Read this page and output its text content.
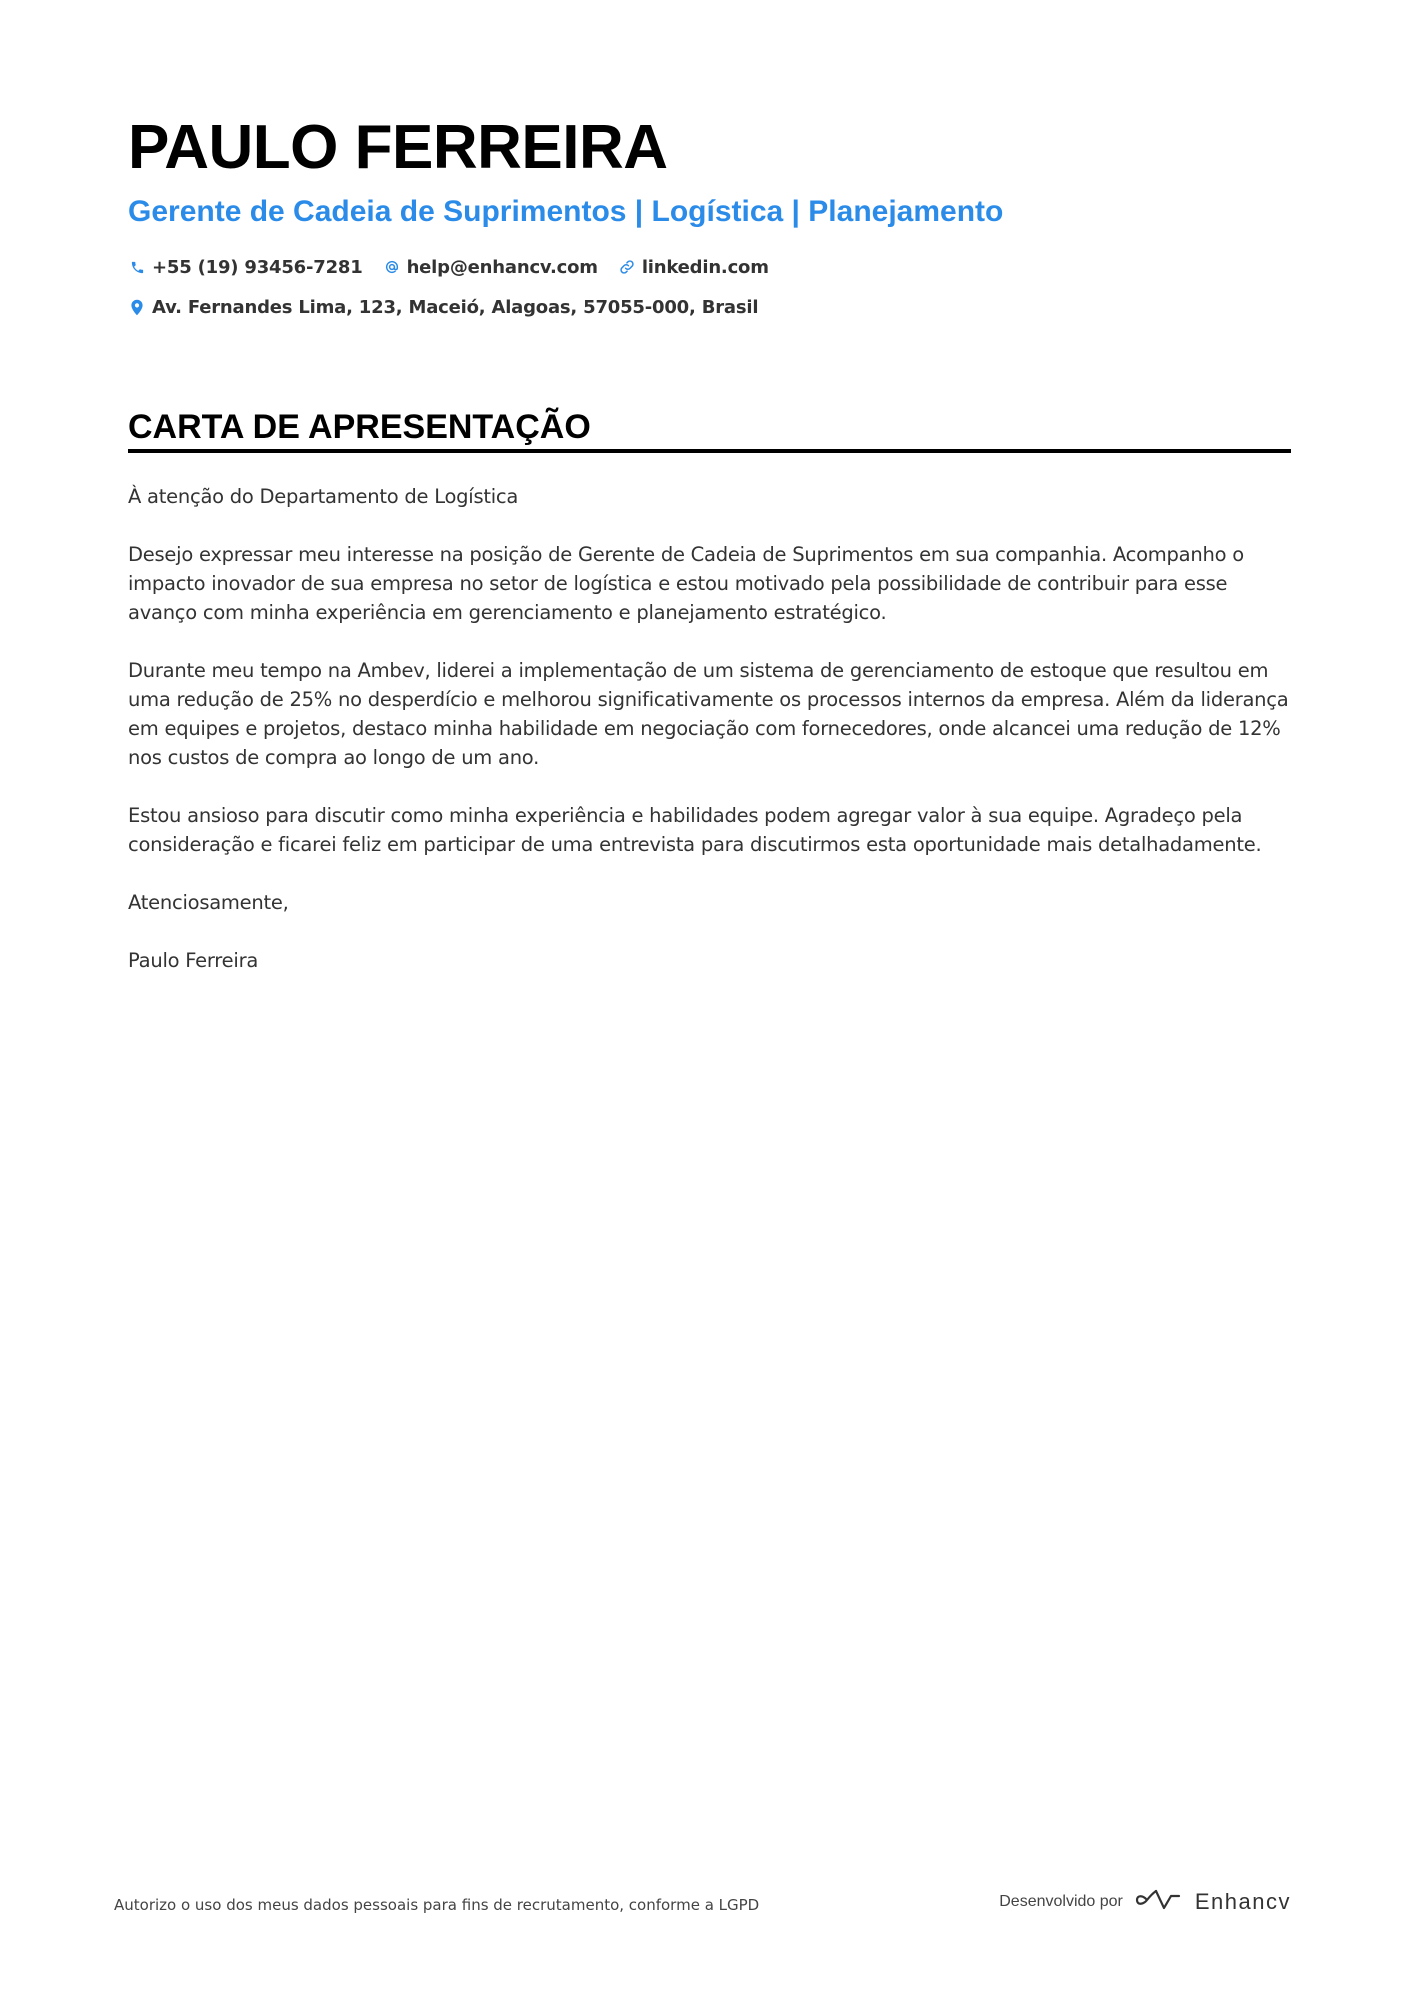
PAULO FERREIRA
Gerente de Cadeia de Suprimentos | Logística | Planejamento
+55 (19) 93456-7281 help@enhancv.com linkedin.com
Av. Fernandes Lima, 123, Maceió, Alagoas, 57055-000, Brasil
CARTA DE APRESENTAÇÃO

À atenção do Departamento de Logística

Desejo expressar meu interesse na posição de Gerente de Cadeia de Suprimentos em sua companhia. Acompanho o impacto inovador de sua empresa no setor de logística e estou motivado pela possibilidade de contribuir para esse avanço com minha experiência em gerenciamento e planejamento estratégico.

Durante meu tempo na Ambev, liderei a implementação de um sistema de gerenciamento de estoque que resultou em uma redução de 25% no desperdício e melhorou significativamente os processos internos da empresa. Além da liderança em equipes e projetos, destaco minha habilidade em negociação com fornecedores, onde alcancei uma redução de 12% nos custos de compra ao longo de um ano.

Estou ansioso para discutir como minha experiência e habilidades podem agregar valor à sua equipe. Agradeço pela consideração e ficarei feliz em participar de uma entrevista para discutirmos esta oportunidade mais detalhadamente.

Atenciosamente,

Paulo Ferreira

Autorizo o uso dos meus dados pessoais para fins de recrutamento, conforme a LGPD	Desenvolvido por	Enhancv
